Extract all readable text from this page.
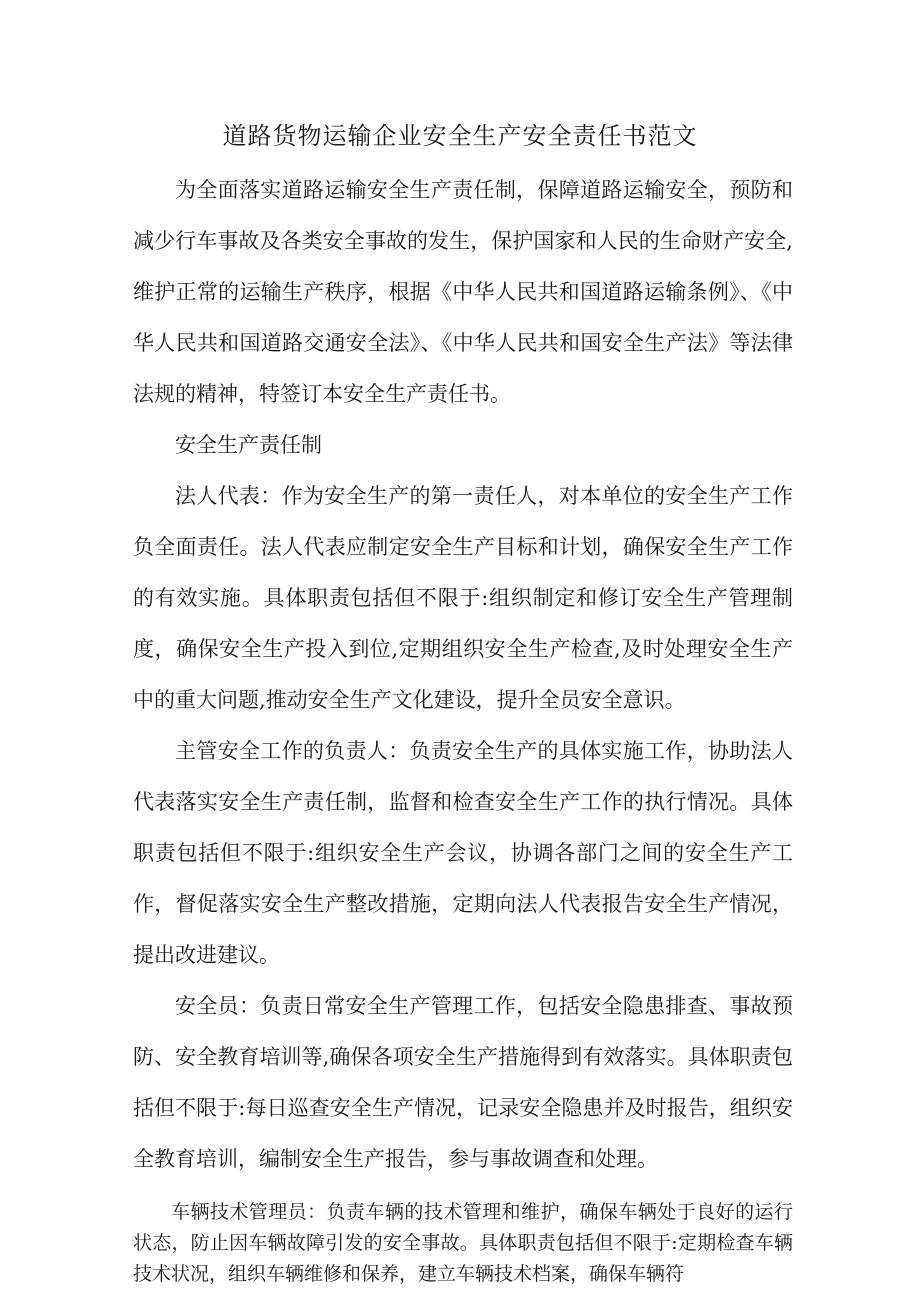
道路货物运输企业安全生产安全责任书范文

为全面落实道路运输安全生产责任制，保障道路运输安全，预防和减少行车事故及各类安全事故的发生，保护国家和人民的生命财产安全,维护正常的运输生产秩序，根据《中华人民共和国道路运输条例》、《中华人民共和国道路交通安全法》、《中华人民共和国安全生产法》等法律法规的精神，特签订本安全生产责任书。

安全生产责任制

法人代表：作为安全生产的第一责任人，对本单位的安全生产工作负全面责任。法人代表应制定安全生产目标和计划，确保安全生产工作的有效实施。具体职责包括但不限于:组织制定和修订安全生产管理制度，确保安全生产投入到位,定期组织安全生产检查,及时处理安全生产中的重大问题,推动安全生产文化建设，提升全员安全意识。

主管安全工作的负责人：负责安全生产的具体实施工作，协助法人代表落实安全生产责任制，监督和检查安全生产工作的执行情况。具体职责包括但不限于:组织安全生产会议，协调各部门之间的安全生产工作，督促落实安全生产整改措施，定期向法人代表报告安全生产情况，提出改进建议。

安全员：负责日常安全生产管理工作，包括安全隐患排查、事故预防、安全教育培训等,确保各项安全生产措施得到有效落实。具体职责包括但不限于:每日巡查安全生产情况，记录安全隐患并及时报告，组织安全教育培训，编制安全生产报告，参与事故调查和处理。

车辆技术管理员：负责车辆的技术管理和维护，确保车辆处于良好的运行状态，防止因车辆故障引发的安全事故。具体职责包括但不限于:定期检查车辆技术状况，组织车辆维修和保养，建立车辆技术档案，确保车辆符
